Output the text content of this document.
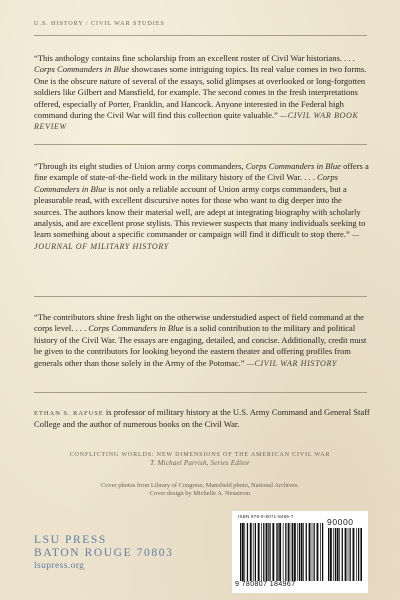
U.S. HISTORY / CIVIL WAR STUDIES
“This anthology contains fine scholarship from an excellent roster of Civil War historians. . . . Corps Commanders in Blue showcases some intriguing topics. Its real value comes in two forms. One is the obscure nature of several of the essays, solid glimpses at overlooked or long-forgotten soldiers like Gilbert and Mansfield, for example. The second comes in the fresh interpretations offered, especially of Porter, Franklin, and Hancock. Anyone interested in the Federal high command during the Civil War will find this collection quite valuable.” —CIVIL WAR BOOK REVIEW
“Through its eight studies of Union army corps commanders, Corps Commanders in Blue offers a fine example of state-of-the-field work in the military history of the Civil War. . . . Corps Commanders in Blue is not only a reliable account of Union army corps commanders, but a pleasurable read, with excellent discursive notes for those who want to dig deeper into the sources. The authors know their material well, are adept at integrating biography with scholarly analysis, and are excellent prose stylists. This reviewer suspects that many individuals seeking to learn something about a specific commander or campaign will find it difficult to stop there.” —JOURNAL OF MILITARY HISTORY
“The contributors shine fresh light on the otherwise understudied aspect of field command at the corps level. . . . Corps Commanders in Blue is a solid contribution to the military and political history of the Civil War. The essays are engaging, detailed, and concise. Additionally, credit must be given to the contributors for looking beyond the eastern theater and offering profiles from generals other than those solely in the Army of the Potomac.” —CIVIL WAR HISTORY
ETHAN S. RAFUSE is professor of military history at the U.S. Army Command and General Staff College and the author of numerous books on the Civil War.
CONFLICTING WORLDS: NEW DIMENSIONS OF THE AMERICAN CIVIL WAR
T. Michael Parrish, Series Editor
Cover photos from Library of Congress; Mansfield photo, National Archives.
Cover design by Michelle A. Neustrom
LSU PRESS
BATON ROUGE 70803
lsupress.org
ISBN 978-0-8071-8496-7
90000
9 780807 184967
